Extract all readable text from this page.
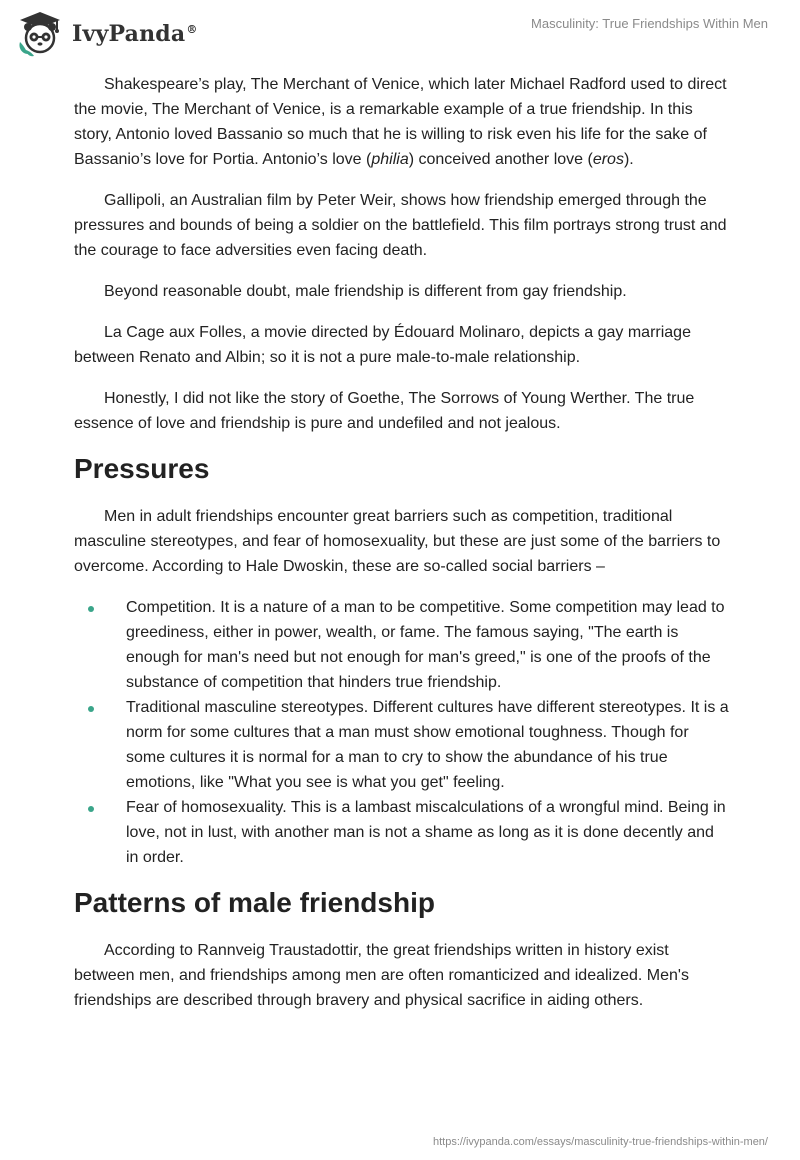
IvyPanda®	Masculinity: True Friendships Within Men

Shakespeare’s play, The Merchant of Venice, which later Michael Radford used to direct the movie, The Merchant of Venice, is a remarkable example of a true friendship. In this story, Antonio loved Bassanio so much that he is willing to risk even his life for the sake of Bassanio’s love for Portia. Antonio’s love (philia) conceived another love (eros).

Gallipoli, an Australian film by Peter Weir, shows how friendship emerged through the pressures and bounds of being a soldier on the battlefield. This film portrays strong trust and the courage to face adversities even facing death.

Beyond reasonable doubt, male friendship is different from gay friendship.

La Cage aux Folles, a movie directed by Édouard Molinaro, depicts a gay marriage between Renato and Albin; so it is not a pure male-to-male relationship.

Honestly, I did not like the story of Goethe, The Sorrows of Young Werther. The true essence of love and friendship is pure and undefiled and not jealous.

Pressures

Men in adult friendships encounter great barriers such as competition, traditional masculine stereotypes, and fear of homosexuality, but these are just some of the barriers to overcome. According to Hale Dwoskin, these are so-called social barriers –

Competition. It is a nature of a man to be competitive. Some competition may lead to greediness, either in power, wealth, or fame. The famous saying, "The earth is enough for man's need but not enough for man's greed," is one of the proofs of the substance of competition that hinders true friendship.
Traditional masculine stereotypes. Different cultures have different stereotypes. It is a norm for some cultures that a man must show emotional toughness. Though for some cultures it is normal for a man to cry to show the abundance of his true emotions, like "What you see is what you get" feeling.
Fear of homosexuality. This is a lambast miscalculations of a wrongful mind. Being in love, not in lust, with another man is not a shame as long as it is done decently and in order.
Patterns of male friendship

According to Rannveig Traustadottir, the great friendships written in history exist between men, and friendships among men are often romanticized and idealized. Men's friendships are described through bravery and physical sacrifice in aiding others.

https://ivypanda.com/essays/masculinity-true-friendships-within-men/
